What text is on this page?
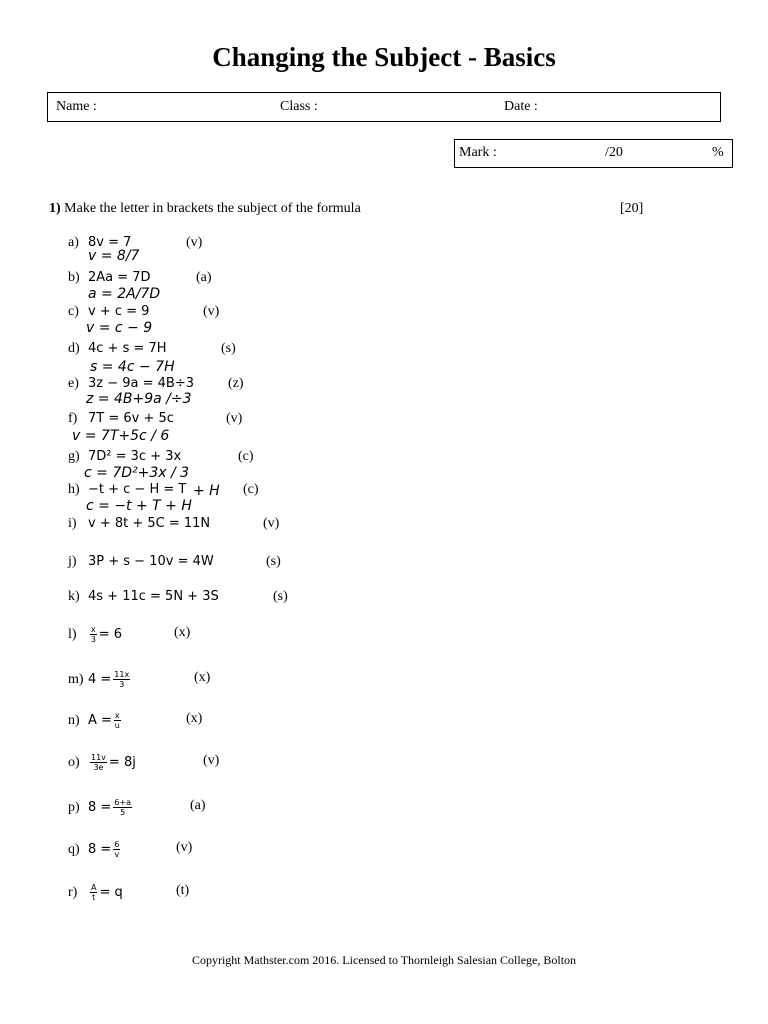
Changing the Subject - Basics
Name :	Class :	Date :
Mark :	/20	%
1) Make the letter in brackets the subject of the formula	[20]
a) 8v = 7	(v)
b) 2Aa = 7D	(a)
c) v + c = 9	(v)
d) 4c + s = 7H	(s)
e) 3z − 9a = 4B÷3 (z)
f) 7T = 6v + 5c	(v)
g) 7D² = 3c + 3x	(c)
h) −t + c − H = T	(c)
i) v + 8t + 5C = 11N	(v)
j) 3P + s − 10v = 4W	(s)
k) 4s + 11c = 5N + 3S	(s)
$l) \frac{x}{3} = 6$	(x)
m) $4 = \frac{11x}{3}$	(x)
n) $A = \frac{x}{u}$	(x)
$o) \frac{11v}{3e} = 8j$	(v)
p) $8 = \frac{6+a}{5}$	(a)
q) $8 = \frac{6}{v}$	(v)
$r) \frac{A}{t} = q$	(t)
v = 8/7
a = 2A/7D
v = c − 9
s = 4c − 7H
z = 4B+9a /÷3
v = 7T+5c / 6
c = 7D²+3x / 3
c = −t + T + H
+ H
Copyright Mathster.com 2016. Licensed to Thornleigh Salesian College, Bolton
